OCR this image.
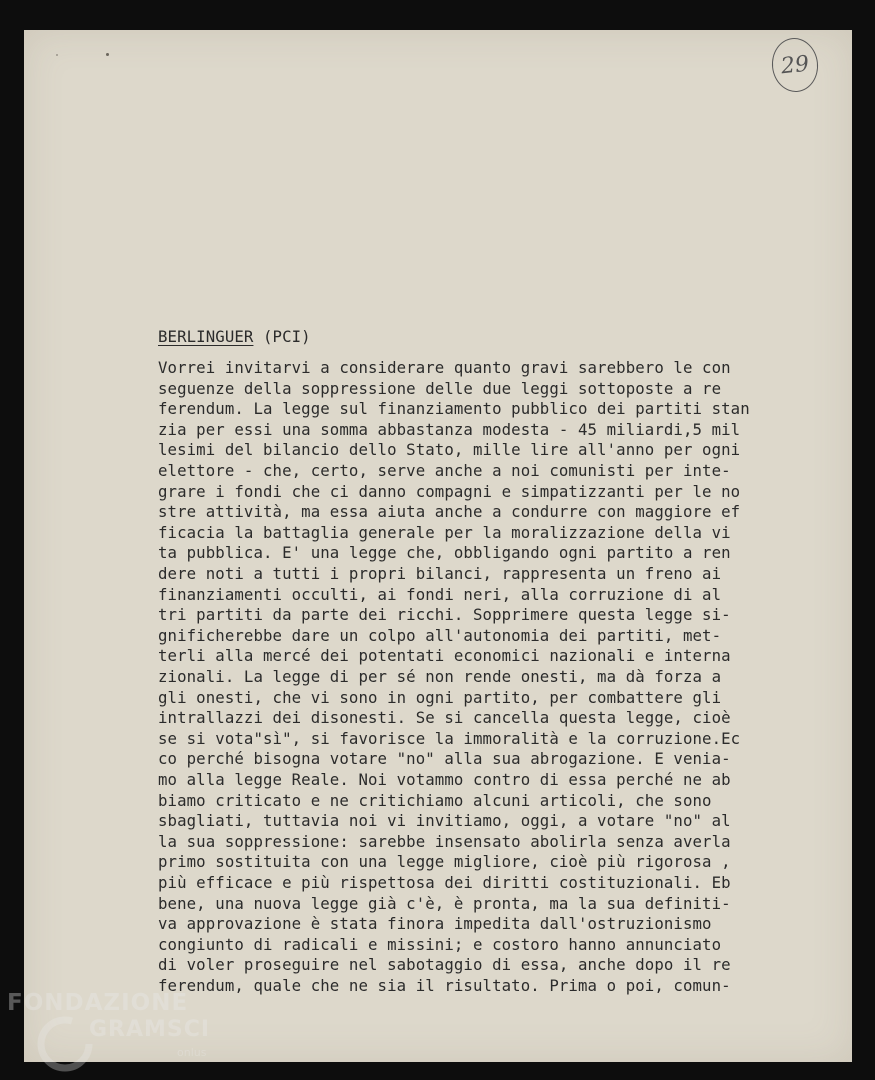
29
BERLINGUER (PCI)
Vorrei invitarvi a considerare quanto gravi sarebbero le con
seguenze della soppressione delle due leggi sottoposte a re
ferendum. La legge sul finanziamento pubblico dei partiti stan
zia per essi una somma abbastanza modesta - 45 miliardi,5 mil
lesimi del bilancio dello Stato, mille lire all'anno per ogni
elettore - che, certo, serve anche a noi comunisti per inte-
grare i fondi che ci danno compagni e simpatizzanti per le no
stre attività, ma essa aiuta anche a condurre con maggiore ef
ficacia la battaglia generale per la moralizzazione della vi
ta pubblica. E' una legge che, obbligando ogni partito a ren
dere noti a tutti i propri bilanci, rappresenta un freno ai
finanziamenti occulti, ai fondi neri, alla corruzione di al
tri partiti da parte dei ricchi. Sopprimere questa legge si-
gnificherebbe dare un colpo all'autonomia dei partiti, met-
terli alla mercé dei potentati economici nazionali e interna
zionali. La legge di per sé non rende onesti, ma dà forza a
gli onesti, che vi sono in ogni partito, per combattere gli
intrallazzi dei disonesti. Se si cancella questa legge, cioè
se si vota"sì", si favorisce la immoralità e la corruzione.Ec
co perché bisogna votare "no" alla sua abrogazione. E venia-
mo alla legge Reale. Noi votammo contro di essa perché ne ab
biamo criticato e ne critichiamo alcuni articoli, che sono
sbagliati, tuttavia noi vi invitiamo, oggi, a votare "no" al
la sua soppressione: sarebbe insensato abolirla senza averla
primo sostituita con una legge migliore, cioè più rigorosa ,
più efficace e più rispettosa dei diritti costituzionali. Eb
bene, una nuova legge già c'è, è pronta, ma la sua definiti-
va approvazione è stata finora impedita dall'ostruzionismo
congiunto di radicali e missini; e costoro hanno annunciato
di voler proseguire nel sabotaggio di essa, anche dopo il re
ferendum, quale che ne sia il risultato. Prima o poi, comun-
FONDAZIONE
GRAMSCI
onlus
